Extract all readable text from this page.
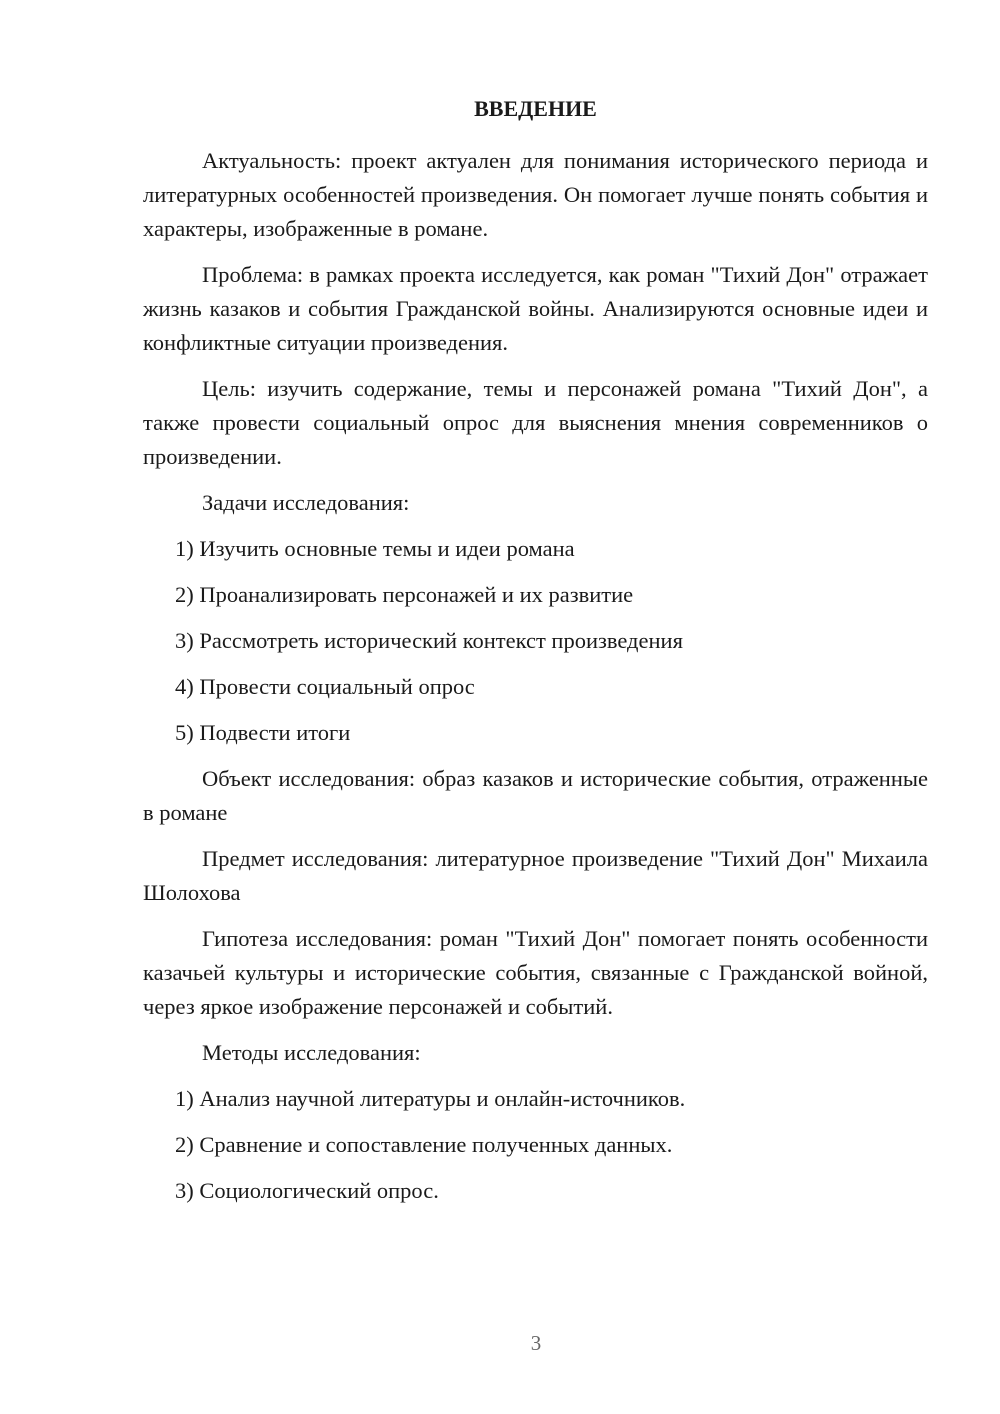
ВВЕДЕНИЕ

Актуальность: проект актуален для понимания исторического периода и литературных особенностей произведения. Он помогает лучше понять события и характеры, изображенные в романе.

Проблема: в рамках проекта исследуется, как роман "Тихий Дон" отражает жизнь казаков и события Гражданской войны. Анализируются основные идеи и конфликтные ситуации произведения.

Цель: изучить содержание, темы и персонажей романа "Тихий Дон", а также провести социальный опрос для выяснения мнения современников о произведении.

Задачи исследования:

1) Изучить основные темы и идеи романа

2) Проанализировать персонажей и их развитие

3) Рассмотреть исторический контекст произведения

4) Провести социальный опрос

5) Подвести итоги

Объект исследования: образ казаков и исторические события, отраженные в романе

Предмет исследования: литературное произведение "Тихий Дон" Михаила Шолохова

Гипотеза исследования: роман "Тихий Дон" помогает понять особенности казачьей культуры и исторические события, связанные с Гражданской войной, через яркое изображение персонажей и событий.

Методы исследования:

1) Анализ научной литературы и онлайн-источников.

2) Сравнение и сопоставление полученных данных.

3) Социологический опрос.

3
